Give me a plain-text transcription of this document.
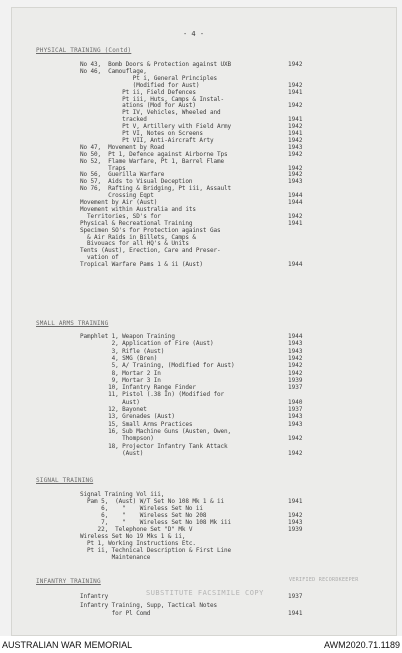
- 4 -
PHYSICAL TRAINING (Contd)
No 43,  Bomb Doors & Protection against UXB	1942
No 46,  Camouflage,
Pt i, General Principles
(Modified for Aust)	1942
Pt ii, Field Defences	1941
Pt iii, Huts, Camps & Instal-
ations (Mod for Aust)	1942
Pt IV, Vehicles, Wheeled and
tracked	1941
Pt V, Artillery with Field Army	1942
Pt VI, Notes on Screens	1941
Pt VII, Anti-Aircraft Arty	1942
No 47,  Movement by Road	1943
No 50,  Pt 1, Defence against Airborne Tps	1942
No 52,  Flame Warfare, Pt 1, Barrel Flame
Traps	1942
No 56,  Guerilla Warfare	1942
No 57,  Aids to Visual Deception	1943
No 76,  Rafting & Bridging, Pt iii, Assault
Crossing Eqpt	1944
Movement by Air (Aust)	1944
Movement within Australia and its
Territories, SD's for	1942
Physical & Recreational Training	1941
Specimen SO's for Protection against Gas
& Air Raids in Billets, Camps &
Bivouacs for all HQ's & Units
Tents (Aust), Erection, Care and Preser-
vation of
Tropical Warfare Pams 1 & ii (Aust)	1944
SMALL ARMS TRAINING
Pamphlet 1, Weapon Training	1944
2, Application of Fire (Aust)	1943
3, Rifle (Aust)	1943
4, SMG (Bren)	1942
5, A/ Training, (Modified for Aust)	1942
8, Mortar 2 In	1942
9, Mortar 3 In	1939
10, Infantry Range Finder	1937
11, Pistol (.38 In) (Modified for
Aust)	1940
12, Bayonet	1937
13, Grenades (Aust)	1943
15, Small Arms Practices	1943
16, Sub Machine Guns (Austen, Owen,
Thompson)	1942
18, Projector Infantry Tank Attack
(Aust)	1942
SIGNAL TRAINING
Signal Training Vol iii,
Pam 5,  (Aust) W/T Set No 108 Mk 1 & ii	1941
6,    "    Wireless Set No ii
6,    "    Wireless Set No 208	1942
7,    "    Wireless Set No 108 Mk iii	1943
22,  Telephone Set "D" Mk V	1939
Wireless Set No 19 Mks 1 & ii,
Pt 1, Working Instructions Etc.
Pt ii, Technical Description & First Line
Maintenance
INFANTRY TRAINING
Infantry	1937
Infantry Training, Supp, Tactical Notes
for Pl Comd	1941
VERIFIED RECORDKEEPER
SUBSTITUTE FACSIMILE COPY
AUSTRALIAN WAR MEMORIAL	AWM2020.71.1189
